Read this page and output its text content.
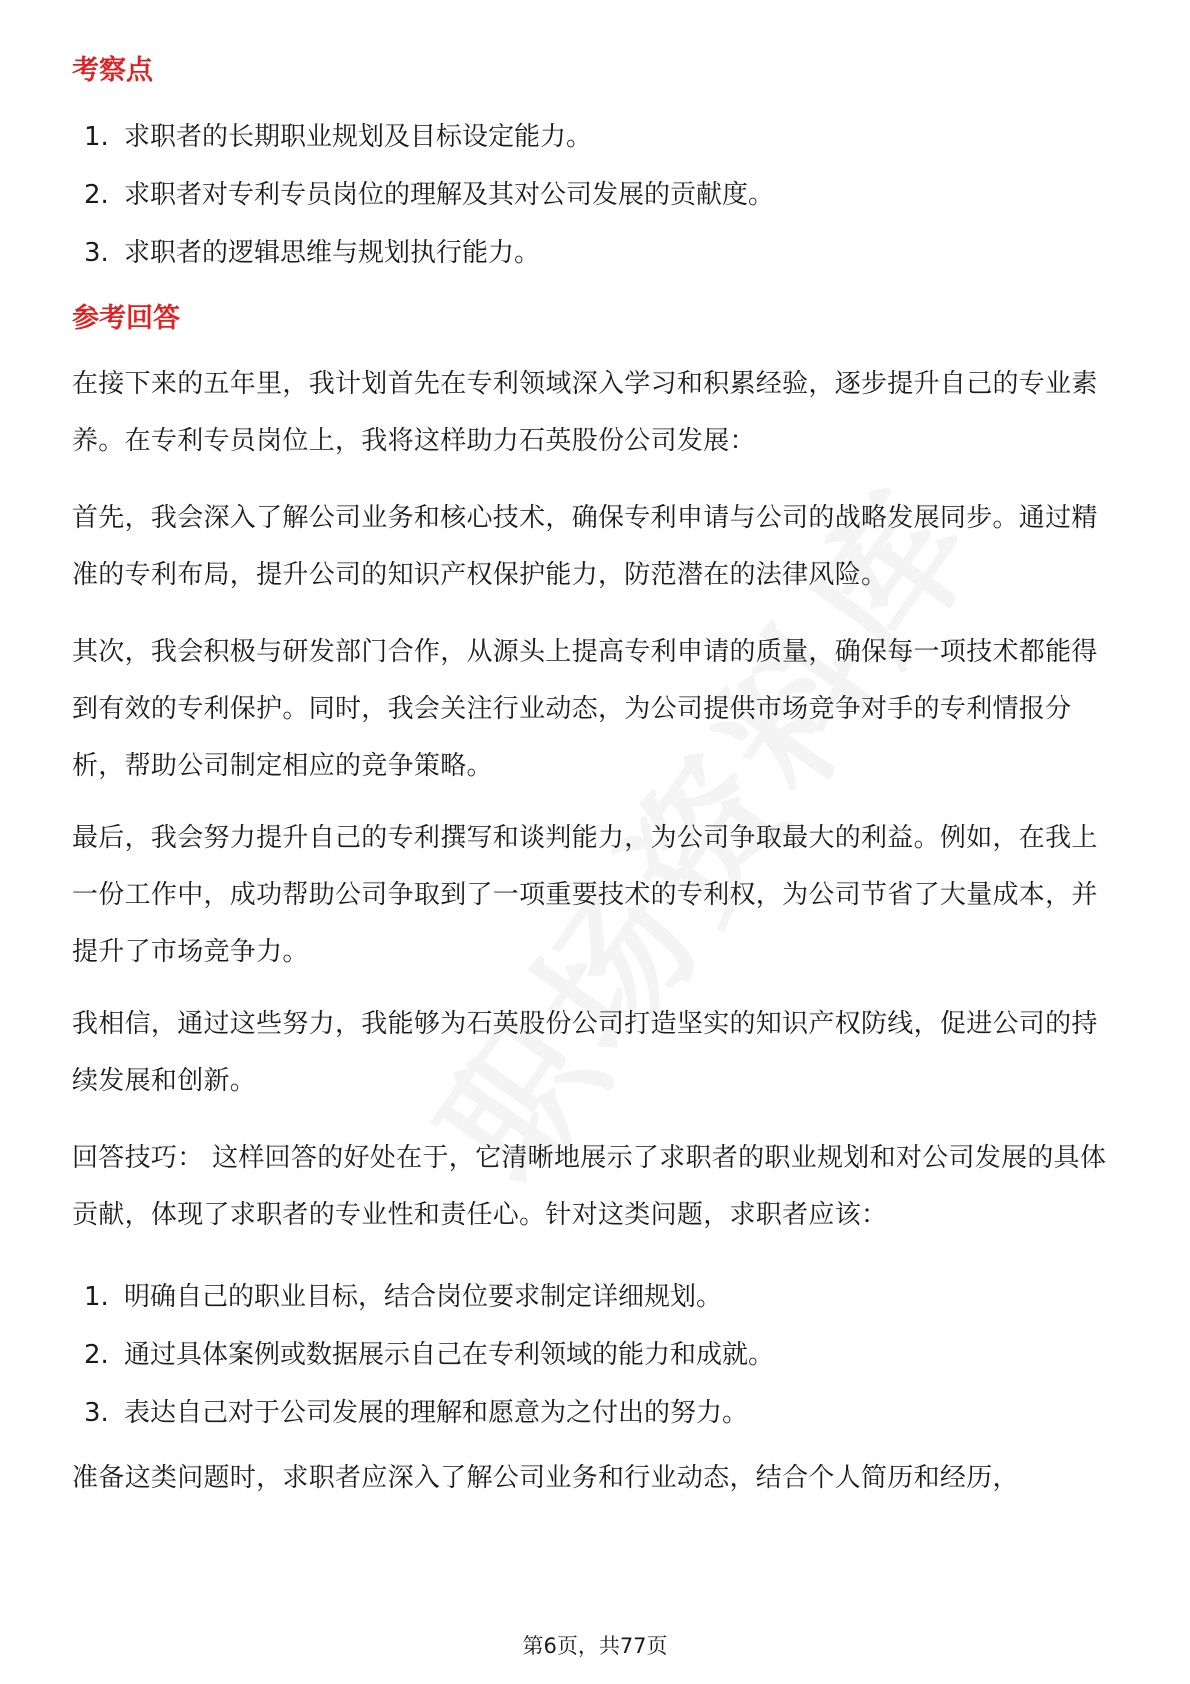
考察点
1. 求职者的长期职业规划及目标设定能力。
2. 求职者对专利专员岗位的理解及其对公司发展的贡献度。
3. 求职者的逻辑思维与规划执行能力。
参考回答

在接下来的五年里，我计划首先在专利领域深入学习和积累经验，逐步提升自己的专业素养。在专利专员岗位上，我将这样助力石英股份公司发展：

首先，我会深入了解公司业务和核心技术，确保专利申请与公司的战略发展同步。通过精准的专利布局，提升公司的知识产权保护能力，防范潜在的法律风险。

其次，我会积极与研发部门合作，从源头上提高专利申请的质量，确保每一项技术都能得到有效的专利保护。同时，我会关注行业动态，为公司提供市场竞争对手的专利情报分析，帮助公司制定相应的竞争策略。

最后，我会努力提升自己的专利撰写和谈判能力，为公司争取最大的利益。例如，在我上一份工作中，成功帮助公司争取到了一项重要技术的专利权，为公司节省了大量成本，并提升了市场竞争力。

我相信，通过这些努力，我能够为石英股份公司打造坚实的知识产权防线，促进公司的持续发展和创新。

回答技巧： 这样回答的好处在于，它清晰地展示了求职者的职业规划和对公司发展的具体贡献，体现了求职者的专业性和责任心。针对这类问题，求职者应该：

1. 明确自己的职业目标，结合岗位要求制定详细规划。
2. 通过具体案例或数据展示自己在专利领域的能力和成就。
3. 表达自己对于公司发展的理解和愿意为之付出的努力。

准备这类问题时，求职者应深入了解公司业务和行业动态，结合个人简历和经历，

第6页，共77页
